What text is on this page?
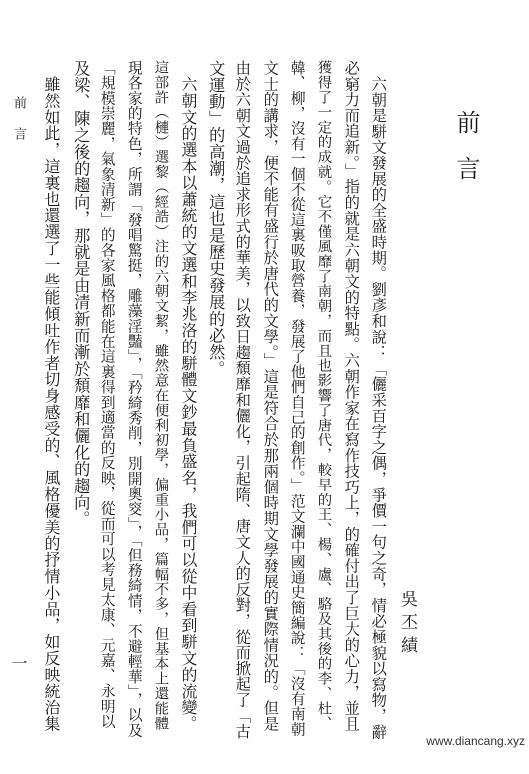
前言
吳丕績
六朝是駢文發展的全盛時期。劉彥和說：「儷采百字之偶，爭價一句之奇，情必極貌以寫物，辭
必窮力而追新。」指的就是六朝文的特點。六朝作家在寫作技巧上，的確付出了巨大的心力，並且
獲得了一定的成就。它不僅風靡了南朝，而且也影響了唐代，較早的王、楊、盧、駱及其後的李、杜、
韓、柳，沒有一個不從這裏吸取營養，發展了他們自己的創作。」范文瀾中國通史簡編說：「沒有南朝
文士的講求，便不能有盛行於唐代的文學。」這是符合於那兩個時期文學發展的實際情況的。但是
由於六朝文過於追求形式的華美，以致日趨頹靡和儷化，引起隋、唐文人的反對，從而掀起了「古
文運動」的高潮，這也是歷史發展的必然。
六朝文的選本以蕭統的文選和李兆洛的駢體文鈔最負盛名，我們可以從中看到駢文的流變。
這部許（槤）選黎（經誥）注的六朝文絜，雖然意在便利初學，偏重小品，篇幅不多，但基本上還能體
現各家的特色，所謂「發唱驚挺，雕藻淫豔」，「矜綺秀削，別開奧窔」，「但務綺情，不避輕華」，以及
「規模崇麗，氣象清新」的各家風格都能在這裏得到適當的反映，從而可以考見太康、元嘉、永明以
及梁、陳之後的趨向，那就是由清新而漸於頹靡和儷化的趨向。
雖然如此，這裏也還選了一些能傾吐作者切身感受的、風格優美的抒情小品，如反映統治集
前言
一
www.diancang.xyz
